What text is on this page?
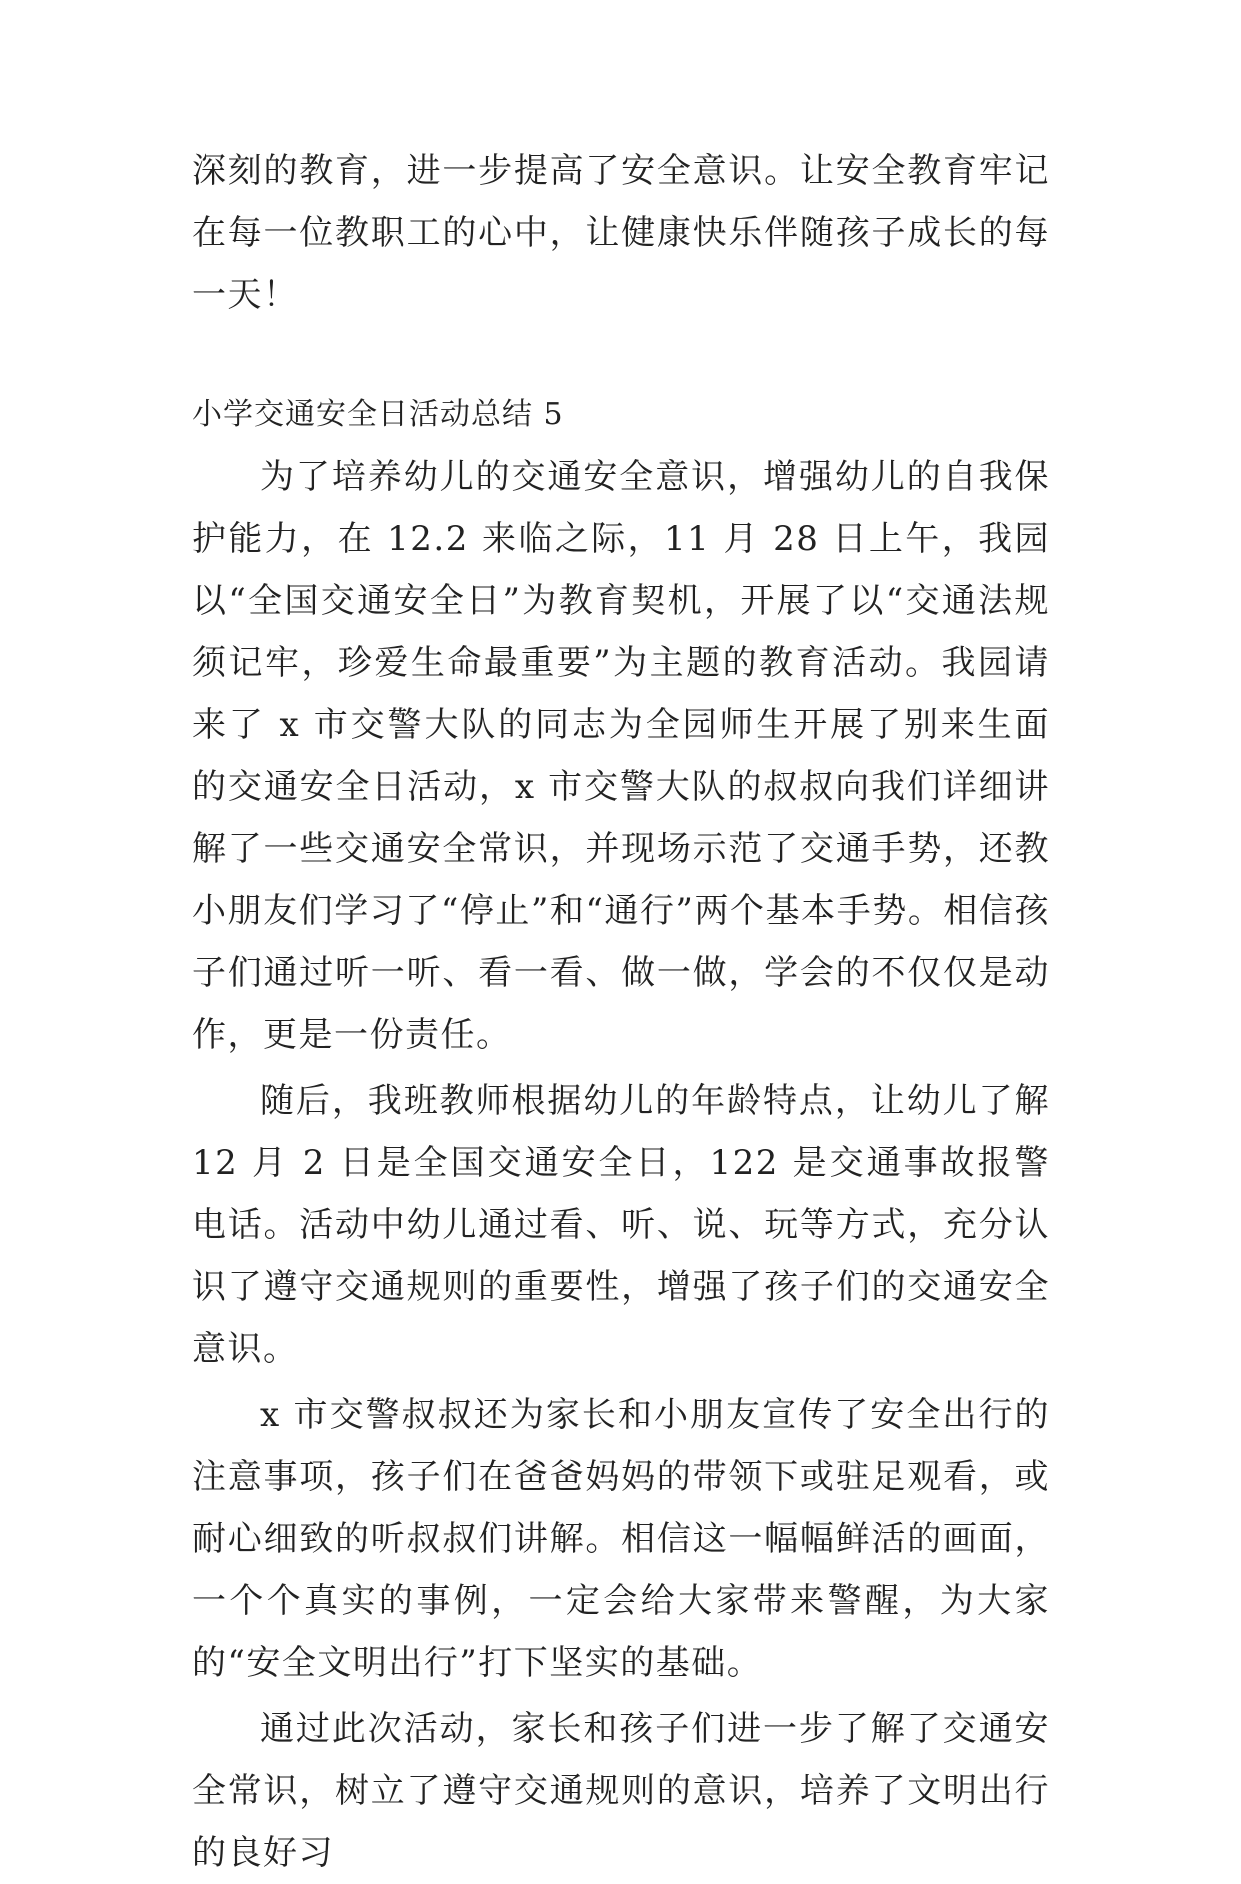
深刻的教育，进一步提高了安全意识。让安全教育牢记在每一位教职工的心中，让健康快乐伴随孩子成长的每一天！

小学交通安全日活动总结 5

为了培养幼儿的交通安全意识，增强幼儿的自我保护能力，在 12.2 来临之际，11 月 28 日上午，我园以“全国交通安全日”为教育契机，开展了以“交通法规须记牢，珍爱生命最重要”为主题的教育活动。我园请来了 x 市交警大队的同志为全园师生开展了别来生面的交通安全日活动，x 市交警大队的叔叔向我们详细讲解了一些交通安全常识，并现场示范了交通手势，还教小朋友们学习了“停止”和“通行”两个基本手势。相信孩子们通过听一听、看一看、做一做，学会的不仅仅是动作，更是一份责任。

随后，我班教师根据幼儿的年龄特点，让幼儿了解 12 月 2 日是全国交通安全日，122 是交通事故报警电话。活动中幼儿通过看、听、说、玩等方式，充分认识了遵守交通规则的重要性，增强了孩子们的交通安全意识。

x 市交警叔叔还为家长和小朋友宣传了安全出行的注意事项，孩子们在爸爸妈妈的带领下或驻足观看，或耐心细致的听叔叔们讲解。相信这一幅幅鲜活的画面，一个个真实的事例，一定会给大家带来警醒，为大家的“安全文明出行”打下坚实的基础。

通过此次活动，家长和孩子们进一步了解了交通安全常识，树立了遵守交通规则的意识，培养了文明出行的良好习
